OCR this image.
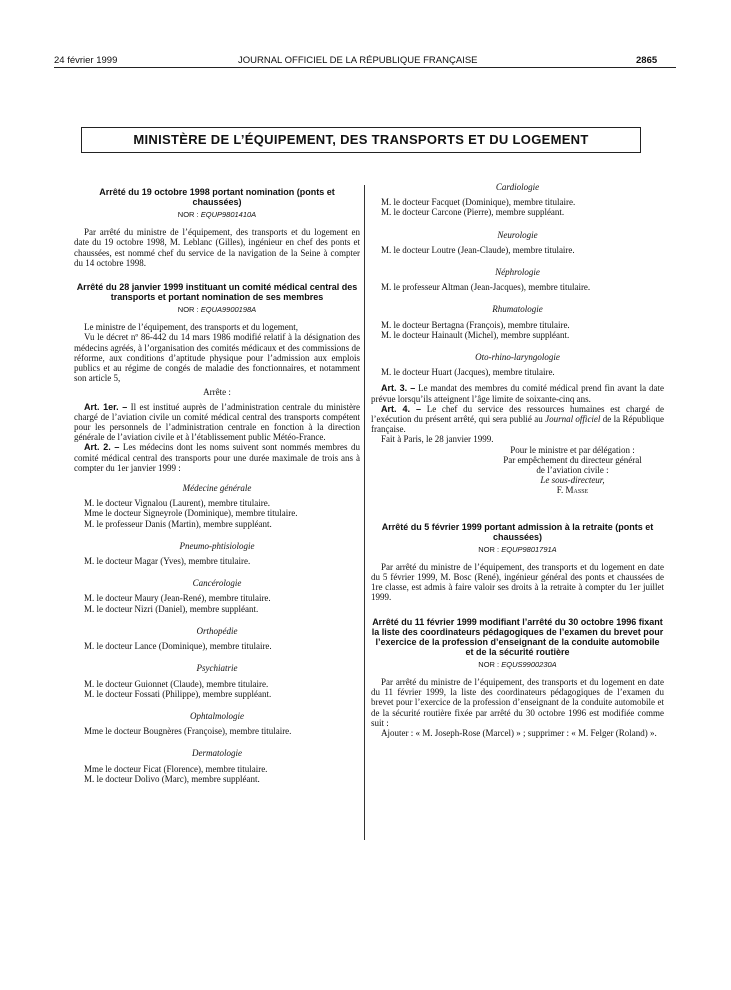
24 février 1999	JOURNAL OFFICIEL DE LA RÉPUBLIQUE FRANÇAISE	2865
MINISTÈRE DE L’ÉQUIPEMENT, DES TRANSPORTS ET DU LOGEMENT
Arrêté du 19 octobre 1998 portant nomination (ponts et chaussées)
NOR : EQUP9801410A

Par arrêté du ministre de l’équipement, des transports et du logement en date du 19 octobre 1998, M. Leblanc (Gilles), ingénieur en chef des ponts et chaussées, est nommé chef du service de la navigation de la Seine à compter du 14 octobre 1998.

Arrêté du 28 janvier 1999 instituant un comité médical central des transports et portant nomination de ses membres
NOR : EQUA9900198A

Le ministre de l’équipement, des transports et du logement,

Vu le décret nº 86-442 du 14 mars 1986 modifié relatif à la désignation des médecins agréés, à l’organisation des comités médicaux et des commissions de réforme, aux conditions d’aptitude physique pour l’admission aux emplois publics et au régime de congés de maladie des fonctionnaires, et notamment son article 5,

Arrête :

Art. 1er. – Il est institué auprès de l’administration centrale du ministère chargé de l’aviation civile un comité médical central des transports compétent pour les personnels de l’administration centrale en fonction à la direction générale de l’aviation civile et à l’établissement public Météo-France.

Art. 2. – Les médecins dont les noms suivent sont nommés membres du comité médical central des transports pour une durée maximale de trois ans à compter du 1er janvier 1999 :

Médecine générale
M. le docteur Vignalou (Laurent), membre titulaire.
Mme le docteur Signeyrole (Dominique), membre titulaire.
M. le professeur Danis (Martin), membre suppléant.
Pneumo-phtisiologie
M. le docteur Magar (Yves), membre titulaire.
Cancérologie
M. le docteur Maury (Jean-René), membre titulaire.
M. le docteur Nizri (Daniel), membre suppléant.
Orthopédie
M. le docteur Lance (Dominique), membre titulaire.
Psychiatrie
M. le docteur Guionnet (Claude), membre titulaire.
M. le docteur Fossati (Philippe), membre suppléant.
Ophtalmologie
Mme le docteur Bougnères (Françoise), membre titulaire.
Dermatologie
Mme le docteur Ficat (Florence), membre titulaire.
M. le docteur Dolivo (Marc), membre suppléant.
Cardiologie
M. le docteur Facquet (Dominique), membre titulaire.
M. le docteur Carcone (Pierre), membre suppléant.
Neurologie
M. le docteur Loutre (Jean-Claude), membre titulaire.
Néphrologie
M. le professeur Altman (Jean-Jacques), membre titulaire.
Rhumatologie
M. le docteur Bertagna (François), membre titulaire.
M. le docteur Hainault (Michel), membre suppléant.
Oto-rhino-laryngologie
M. le docteur Huart (Jacques), membre titulaire.

Art. 3. – Le mandat des membres du comité médical prend fin avant la date prévue lorsqu’ils atteignent l’âge limite de soixante-cinq ans.

Art. 4. – Le chef du service des ressources humaines est chargé de l’exécution du présent arrêté, qui sera publié au Journal officiel de la République française.

Fait à Paris, le 28 janvier 1999.

Pour le ministre et par délégation :
Par empêchement du directeur général
de l’aviation civile :
Le sous-directeur,
F. Masse
Arrêté du 5 février 1999 portant admission à la retraite (ponts et chaussées)
NOR : EQUP9801791A

Par arrêté du ministre de l’équipement, des transports et du logement en date du 5 février 1999, M. Bosc (René), ingénieur général des ponts et chaussées de 1re classe, est admis à faire valoir ses droits à la retraite à compter du 1er juillet 1999.

Arrêté du 11 février 1999 modifiant l’arrêté du 30 octobre 1996 fixant la liste des coordinateurs pédagogiques de l’examen du brevet pour l’exercice de la profession d’enseignant de la conduite automobile et de la sécurité routière
NOR : EQUS9900230A

Par arrêté du ministre de l’équipement, des transports et du logement en date du 11 février 1999, la liste des coordinateurs pédagogiques de l’examen du brevet pour l’exercice de la profession d’enseignant de la conduite automobile et de la sécurité routière fixée par arrêté du 30 octobre 1996 est modifiée comme suit :

Ajouter : « M. Joseph-Rose (Marcel) » ; supprimer : « M. Felger (Roland) ».
